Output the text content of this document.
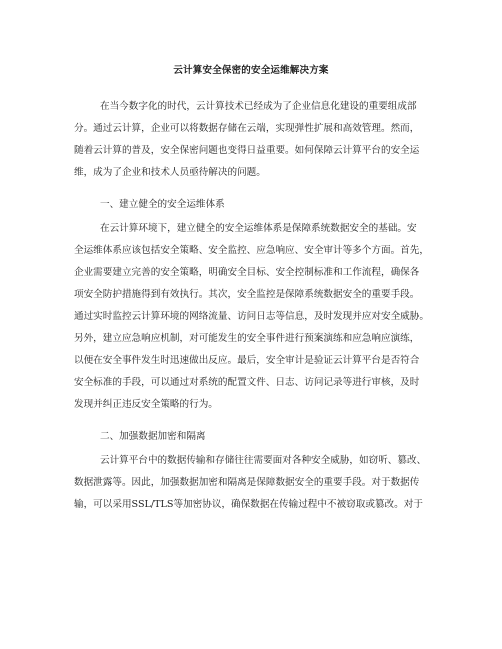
云计算安全保密的安全运维解决方案
在当今数字化的时代，云计算技术已经成为了企业信息化建设的重要组成部
分。通过云计算，企业可以将数据存储在云端，实现弹性扩展和高效管理。然而，
随着云计算的普及，安全保密问题也变得日益重要。如何保障云计算平台的安全运
维，成为了企业和技术人员亟待解决的问题。
一、建立健全的安全运维体系
在云计算环境下，建立健全的安全运维体系是保障系统数据安全的基础。安
全运维体系应该包括安全策略、安全监控、应急响应、安全审计等多个方面。首先，
企业需要建立完善的安全策略，明确安全目标、安全控制标准和工作流程，确保各
项安全防护措施得到有效执行。其次，安全监控是保障系统数据安全的重要手段。
通过实时监控云计算环境的网络流量、访问日志等信息，及时发现并应对安全威胁。
另外，建立应急响应机制，对可能发生的安全事件进行预案演练和应急响应演练，
以便在安全事件发生时迅速做出反应。最后，安全审计是验证云计算平台是否符合
安全标准的手段，可以通过对系统的配置文件、日志、访问记录等进行审核，及时
发现并纠正违反安全策略的行为。
二、加强数据加密和隔离
云计算平台中的数据传输和存储往往需要面对各种安全威胁，如窃听、篡改、
数据泄露等。因此，加强数据加密和隔离是保障数据安全的重要手段。对于数据传
输，可以采用SSL/TLS等加密协议，确保数据在传输过程中不被窃取或篡改。对于
